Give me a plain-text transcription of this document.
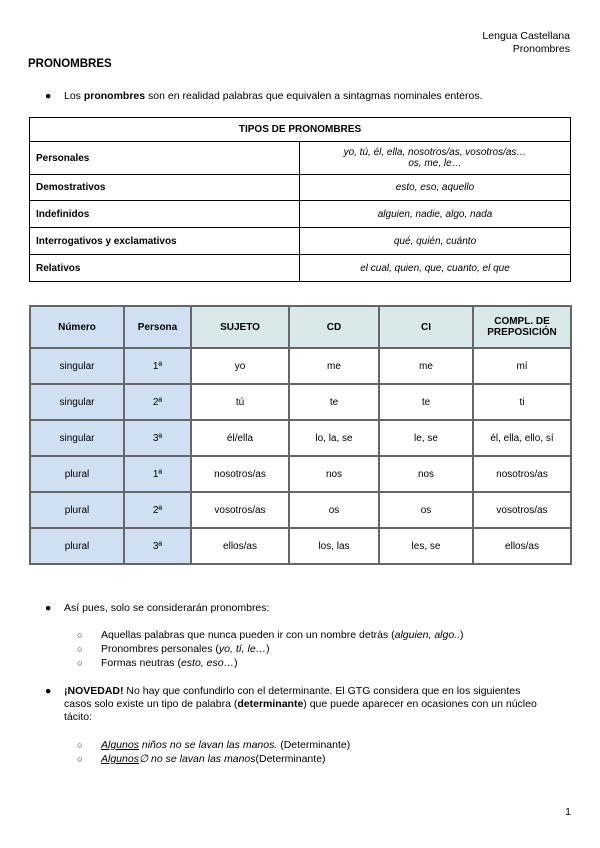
Lengua Castellana
Pronombres
PRONOMBRES
● Los pronombres son en realidad palabras que equivalen a sintagmas nominales enteros.
TIPOS DE PRONOMBRES	
Personales	yo, tú, él, ella, nosotros/as, vosotros/as…
os, me, le…

Demostrativos	esto, eso, aquello
Indefinidos	alguien, nadie, algo, nada
Interrogativos y exclamativos	qué, quién, cuánto
Relativos	el cual, quien, que, cuanto, el que
Número	Persona	SUJETO	CD	CI	COMPL. DE PREPOSICIÓN
singular	1ª	yo	me	me	mí
singular	2ª	tú	te	te	ti
singular	3ª	él/ella	lo, la, se	le, se	él, ella, ello, sí
plural	1ª	nosotros/as	nos	nos	nosotros/as
plural	2ª	vosotros/as	os	os	vosotros/as
plural	3ª	ellos/as	los, las	les, se	ellos/as
● Así pues, solo se considerarán pronombres:
○ Aquellas palabras que nunca pueden ir con un nombre detrás (alguien, algo..)
○ Pronombres personales (yo, tí, le…)
○ Formas neutras (esto, eso…)
● ¡NOVEDAD! No hay que confundirlo con el determinante. El GTG considera que en los siguientes
casos solo existe un tipo de palabra (determinante) que puede aparecer en ocasiones con un núcleo
tácito:
○ Algunos niños no se lavan las manos. (Determinante)
○ Algunos∅ no se lavan las manos(Determinante)
1
